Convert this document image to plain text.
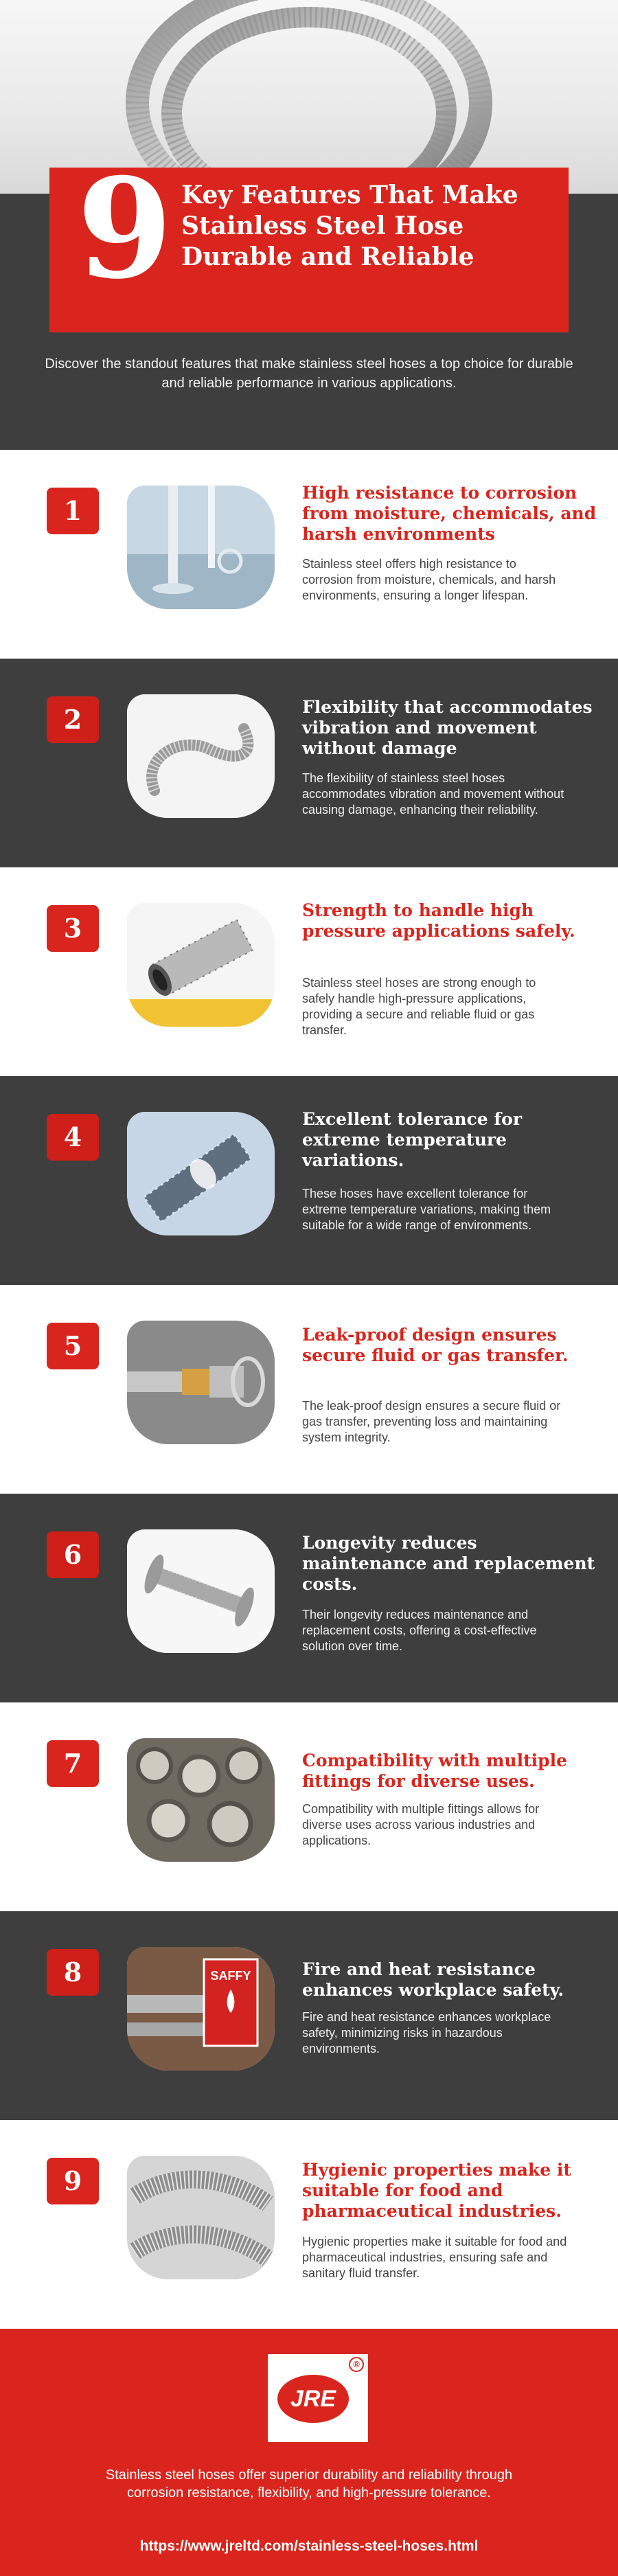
9 Key Features That Make Stainless Steel Hose Durable and Reliable
Discover the standout features that make stainless steel hoses a top choice for durable and reliable performance in various applications.
1
High resistance to corrosion from moisture, chemicals, and harsh environments
Stainless steel offers high resistance to corrosion from moisture, chemicals, and harsh environments, ensuring a longer lifespan.
2	Flexibility that accommodates vibration and movement without damage
The flexibility of stainless steel hoses accommodates vibration and movement without causing damage, enhancing their reliability.
3
Strength to handle high pressure applications safely.
Stainless steel hoses are strong enough to safely handle high-pressure applications, providing a secure and reliable fluid or gas transfer.
4
Excellent tolerance for extreme temperature variations.
These hoses have excellent tolerance for extreme temperature variations, making them suitable for a wide range of environments.
5	Leak-proof design ensures secure fluid or gas transfer.
The leak-proof design ensures a secure fluid or gas transfer, preventing loss and maintaining system integrity.
6	Longevity reduces maintenance and replacement costs.
Their longevity reduces maintenance and replacement costs, offering a cost-effective solution over time.
7	Compatibility with multiple fittings for diverse uses.
Compatibility with multiple fittings allows for diverse uses across various industries and applications.
8	SAFFY	Fire and heat resistance enhances workplace safety.
Fire and heat resistance enhances workplace safety, minimizing risks in hazardous environments.
9	Hygienic properties make it suitable for food and pharmaceutical industries.
Hygienic properties make it suitable for food and pharmaceutical industries, ensuring safe and sanitary fluid transfer.
JRE
®
Stainless steel hoses offer superior durability and reliability through corrosion resistance, flexibility, and high-pressure tolerance.
https://www.jreltd.com/stainless-steel-hoses.html
